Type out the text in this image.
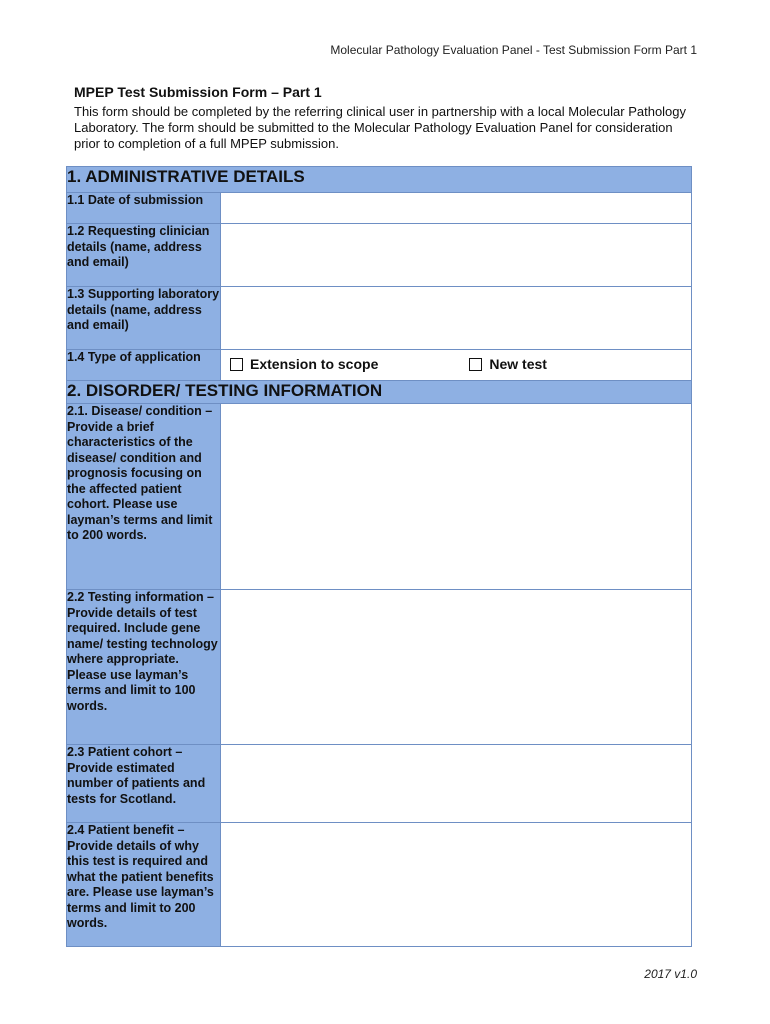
Molecular Pathology Evaluation Panel - Test Submission Form Part 1
MPEP Test Submission Form – Part 1
This form should be completed by the referring clinical user in partnership with a local Molecular Pathology Laboratory. The form should be submitted to the Molecular Pathology Evaluation Panel for consideration prior to completion of a full MPEP submission.
1. ADMINISTRATIVE DETAILS	
1.1 Date of submission	
1.2 Requesting clinician details (name, address and email)	
1.3 Supporting laboratory details (name, address and email)	
1.4 Type of application	Extension to scope New test

2. DISORDER/ TESTING INFORMATION	
2.1. Disease/ condition – Provide a brief characteristics of the disease/ condition and prognosis focusing on the affected patient cohort. Please use layman’s terms and limit to 200 words.	
2.2 Testing information – Provide details of test required. Include gene name/ testing technology where appropriate. Please use layman’s terms and limit to 100 words.	
2.3 Patient cohort – Provide estimated number of patients and tests for Scotland.	
2.4 Patient benefit – Provide details of why this test is required and what the patient benefits are. Please use layman’s terms and limit to 200 words.	
2017 v1.0
